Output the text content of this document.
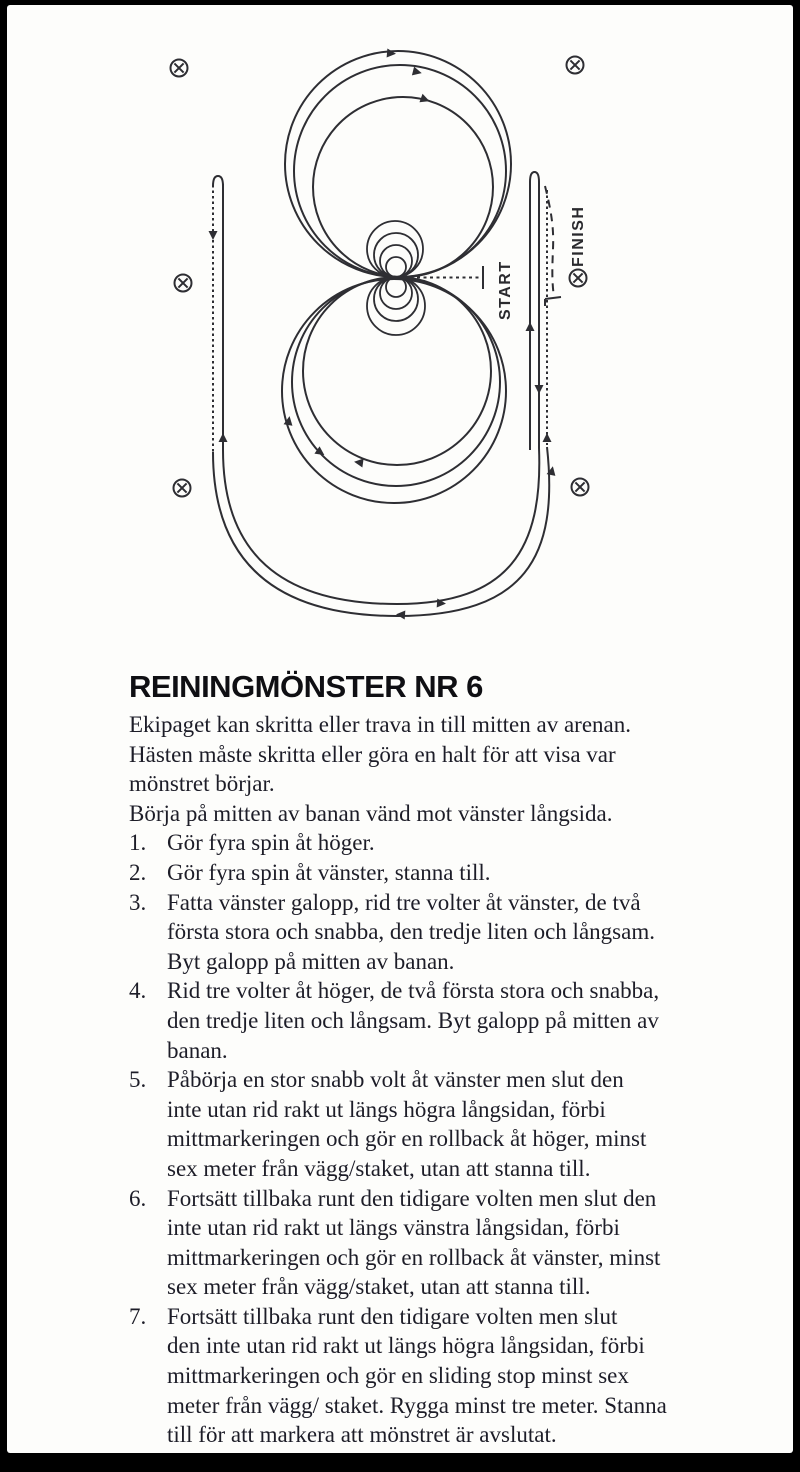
START
FINISH
REININGMÖNSTER NR 6
Ekipaget kan skritta eller trava in till mitten av arenan.
Hästen måste skritta eller göra en halt för att visa var
mönstret börjar.
Börja på mitten av banan vänd mot vänster långsida.
1. Gör fyra spin åt höger.
2. Gör fyra spin åt vänster, stanna till.
3. Fatta vänster galopp, rid tre volter åt vänster, de två
första stora och snabba, den tredje liten och långsam.
Byt galopp på mitten av banan.
4. Rid tre volter åt höger, de två första stora och snabba,
den tredje liten och långsam. Byt galopp på mitten av
banan.
5. Påbörja en stor snabb volt åt vänster men slut den
inte utan rid rakt ut längs högra långsidan, förbi
mittmarkeringen och gör en rollback åt höger, minst
sex meter från vägg/staket, utan att stanna till.
6. Fortsätt tillbaka runt den tidigare volten men slut den
inte utan rid rakt ut längs vänstra långsidan, förbi
mittmarkeringen och gör en rollback åt vänster, minst
sex meter från vägg/staket, utan att stanna till.
7. Fortsätt tillbaka runt den tidigare volten men slut
den inte utan rid rakt ut längs högra långsidan, förbi
mittmarkeringen och gör en sliding stop minst sex
meter från vägg/ staket. Rygga minst tre meter. Stanna
till för att markera att mönstret är avslutat.
